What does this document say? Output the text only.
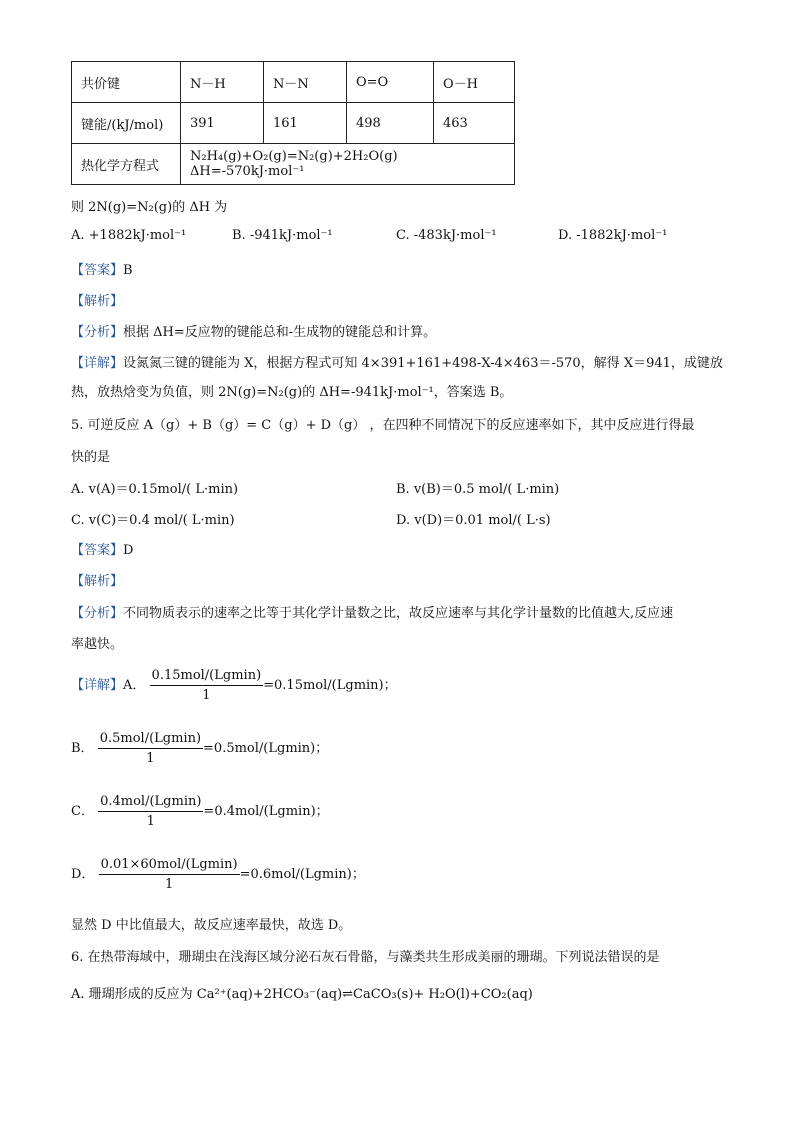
共价键	N－H	N－N	O=O	O－H
键能/(kJ/mol)	391	161	498	463
热化学方程式	N₂H₄(g)+O₂(g)=N₂(g)+2H₂O(g) ΔH=-570kJ·mol⁻¹			
则 2N(g)=N₂(g)的 ΔH 为
A. +1882kJ·mol⁻¹	B. -941kJ·mol⁻¹	C. -483kJ·mol⁻¹	D. -1882kJ·mol⁻¹
【答案】B
【解析】
【分析】根据 ΔH=反应物的键能总和-生成物的键能总和计算。
【详解】设氮氮三键的键能为 X，根据方程式可知 4×391+161+498-X-4×463＝-570，解得 X＝941，成键放
热，放热焓变为负值，则 2N(g)=N₂(g)的 ΔH=-941kJ·mol⁻¹，答案选 B。
5. 可逆反应 A（g）+ B（g）= C（g）+ D（g） ，在四种不同情况下的反应速率如下，其中反应进行得最
快的是
A. v(A)＝0.15mol/( L·min)	B. v(B)＝0.5 mol/( L·min)
C. v(C)＝0.4 mol/( L·min)	D. v(D)＝0.01 mol/( L·s)
【答案】D
【解析】
【分析】不同物质表示的速率之比等于其化学计量数之比，故反应速率与其化学计量数的比值越大,反应速
率越快。
【详解】A． $\frac{\text{0.15mol/(Lgmin)}}{1} =0.15mol/(Lgmin)$；
B． $\frac{\text{0.5mol/(Lgmin)}}{1} =0.5mol/(Lgmin)$；
C． $\frac{\text{0.4mol/(Lgmin)}}{1} =0.4mol/(Lgmin)$；
D． $\frac{\text{0.01×60mol/(Lgmin)}}{1} =0.6mol/(Lgmin)$；
显然 D 中比值最大，故反应速率最快，故选 D。
6. 在热带海域中，珊瑚虫在浅海区域分泌石灰石骨骼，与藻类共生形成美丽的珊瑚。下列说法错误的是
A. 珊瑚形成的反应为 Ca²⁺(aq)+2HCO₃⁻(aq)⇌CaCO₃(s)+ H₂O(l)+CO₂(aq)
